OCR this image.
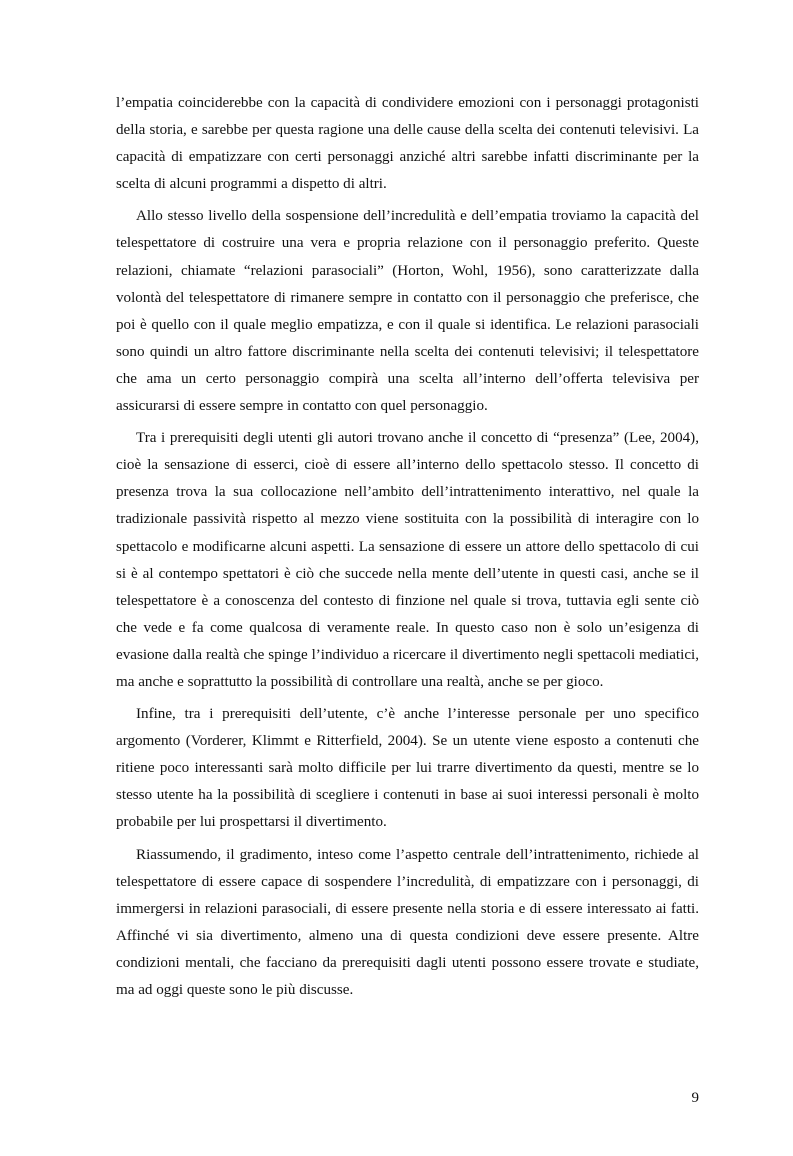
l’empatia coinciderebbe con la capacità di condividere emozioni con i personaggi protagonisti della storia, e sarebbe per questa ragione una delle cause della scelta dei contenuti televisivi. La capacità di empatizzare con certi personaggi anziché altri sarebbe infatti discriminante per la scelta di alcuni programmi a dispetto di altri.

Allo stesso livello della sospensione dell’incredulità e dell’empatia troviamo la capacità del telespettatore di costruire una vera e propria relazione con il personaggio preferito. Queste relazioni, chiamate “relazioni parasociali” (Horton, Wohl, 1956), sono caratterizzate dalla volontà del telespettatore di rimanere sempre in contatto con il personaggio che preferisce, che poi è quello con il quale meglio empatizza, e con il quale si identifica. Le relazioni parasociali sono quindi un altro fattore discriminante nella scelta dei contenuti televisivi; il telespettatore che ama un certo personaggio compirà una scelta all’interno dell’offerta televisiva per assicurarsi di essere sempre in contatto con quel personaggio.

Tra i prerequisiti degli utenti gli autori trovano anche il concetto di “presenza” (Lee, 2004), cioè la sensazione di esserci, cioè di essere all’interno dello spettacolo stesso. Il concetto di presenza trova la sua collocazione nell’ambito dell’intrattenimento interattivo, nel quale la tradizionale passività rispetto al mezzo viene sostituita con la possibilità di interagire con lo spettacolo e modificarne alcuni aspetti. La sensazione di essere un attore dello spettacolo di cui si è al contempo spettatori è ciò che succede nella mente dell’utente in questi casi, anche se il telespettatore è a conoscenza del contesto di finzione nel quale si trova, tuttavia egli sente ciò che vede e fa come qualcosa di veramente reale. In questo caso non è solo un’esigenza di evasione dalla realtà che spinge l’individuo a ricercare il divertimento negli spettacoli mediatici, ma anche e soprattutto la possibilità di controllare una realtà, anche se per gioco.

Infine, tra i prerequisiti dell’utente, c’è anche l’interesse personale per uno specifico argomento (Vorderer, Klimmt e Ritterfield, 2004). Se un utente viene esposto a contenuti che ritiene poco interessanti sarà molto difficile per lui trarre divertimento da questi, mentre se lo stesso utente ha la possibilità di scegliere i contenuti in base ai suoi interessi personali è molto probabile per lui prospettarsi il divertimento.

Riassumendo, il gradimento, inteso come l’aspetto centrale dell’intrattenimento, richiede al telespettatore di essere capace di sospendere l’incredulità, di empatizzare con i personaggi, di immergersi in relazioni parasociali, di essere presente nella storia e di essere interessato ai fatti. Affinché vi sia divertimento, almeno una di questa condizioni deve essere presente. Altre condizioni mentali, che facciano da prerequisiti dagli utenti possono essere trovate e studiate, ma ad oggi queste sono le più discusse.

9
